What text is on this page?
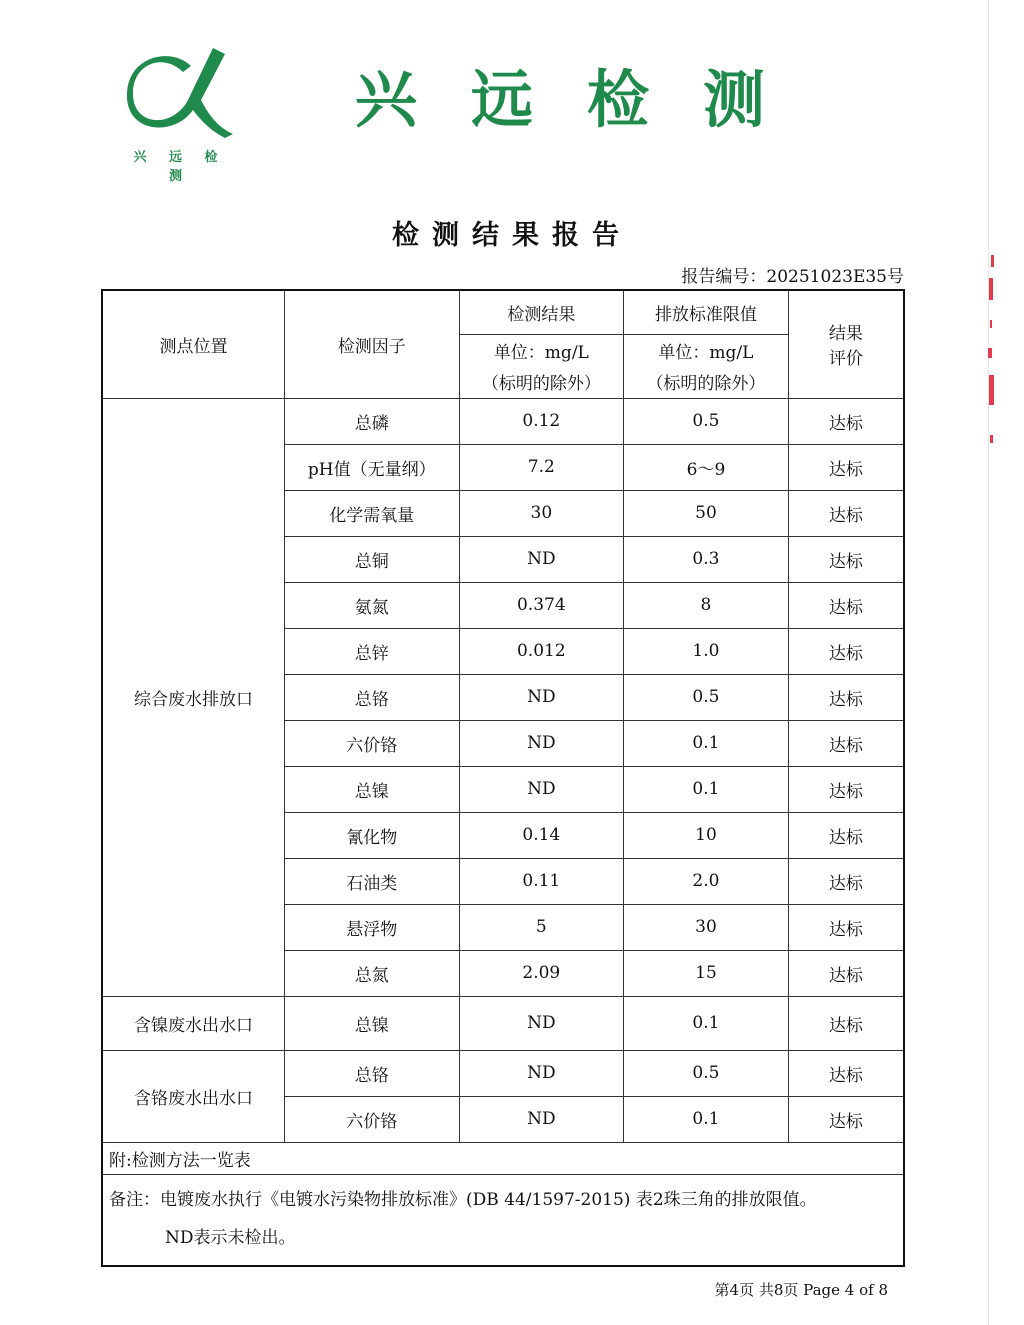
兴 远 检 测
兴 远 检 测
检测结果报告
报告编号：20251023E35号
测点位置	检测因子	检测结果	排放标准限值	结果
评价

		单位：mg/L	单位：mg/L	
		（标明的除外）	（标明的除外）	
综合废水排放口	总磷	0.12	0.5	达标
	pH值（无量纲）	7.2	6～9	达标
	化学需氧量	30	50	达标
	总铜	ND	0.3	达标
	氨氮	0.374	8	达标
	总锌	0.012	1.0	达标
	总铬	ND	0.5	达标
	六价铬	ND	0.1	达标
	总镍	ND	0.1	达标
	氰化物	0.14	10	达标
	石油类	0.11	2.0	达标
	悬浮物	5	30	达标
	总氮	2.09	15	达标
含镍废水出水口	总镍	ND	0.1	达标
含铬废水出水口	总铬	ND	0.5	达标
	六价铬	ND	0.1	达标
附:检测方法一览表				

备注：电镀废水执行《电镀水污染物排放标准》(DB 44/1597-2015) 表2珠三角的排放限值。
ND表示未检出。				
第4页 共8页 Page 4 of 8
